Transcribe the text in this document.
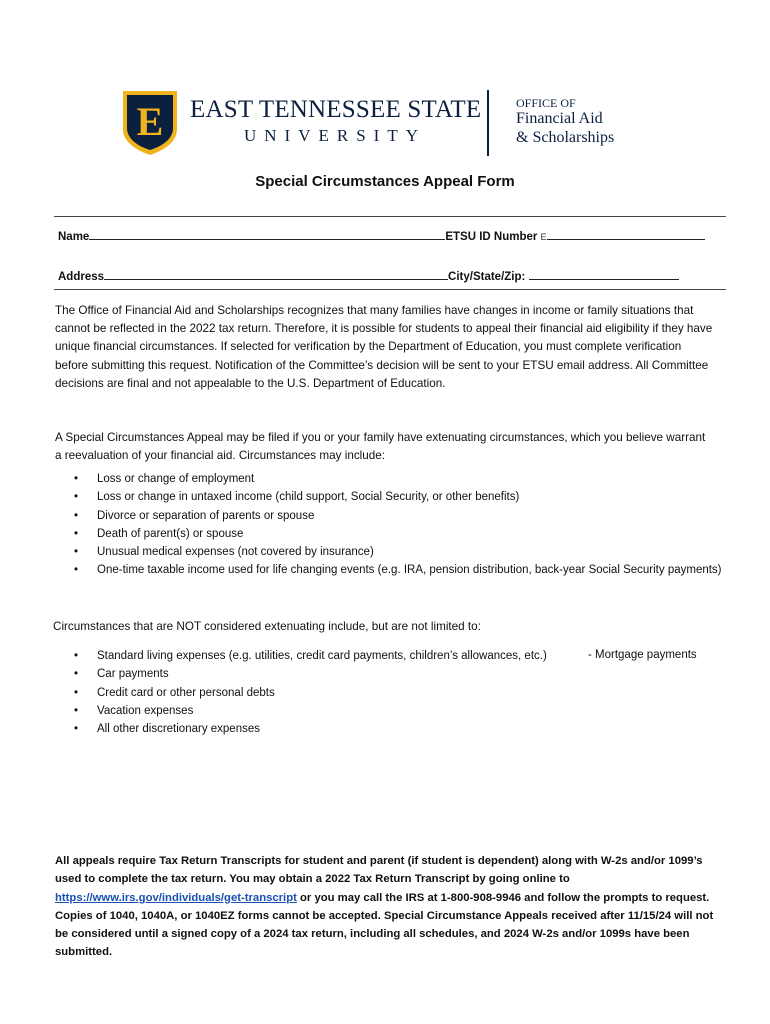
E EAST TENNESSEE STATE
UNIVERSITY
OFFICE OF
Financial Aid
& Scholarships
Special Circumstances Appeal Form
Name	ETSU ID Number E
Address	City/State/Zip:
The Office of Financial Aid and Scholarships recognizes that many families have changes in income or family situations that cannot be reflected in the 2022 tax return. Therefore, it is possible for students to appeal their financial aid eligibility if they have unique financial circumstances. If selected for verification by the Department of Education, you must complete verification before submitting this request. Notification of the Committee’s decision will be sent to your ETSU email address. All Committee decisions are final and not appealable to the U.S. Department of Education.
A Special Circumstances Appeal may be filed if you or your family have extenuating circumstances, which you believe warrant a reevaluation of your financial aid. Circumstances may include:
• Loss or change of employment
• Loss or change in untaxed income (child support, Social Security, or other benefits)
• Divorce or separation of parents or spouse
• Death of parent(s) or spouse
• Unusual medical expenses (not covered by insurance)
• One-time taxable income used for life changing events (e.g. IRA, pension distribution, back-year Social Security payments)
Circumstances that are NOT considered extenuating include, but are not limited to:
• Standard living expenses (e.g. utilities, credit card payments, children’s allowances, etc.)
• Car payments
• Credit card or other personal debts
• Vacation expenses
• All other discretionary expenses
- Mortgage payments
All appeals require Tax Return Transcripts for student and parent (if student is dependent) along with W-2s and/or 1099’s used to complete the tax return. You may obtain a 2022 Tax Return Transcript by going online to https://www.irs.gov/individuals/get-transcript or you may call the IRS at 1-800-908-9946 and follow the prompts to request. Copies of 1040, 1040A, or 1040EZ forms cannot be accepted. Special Circumstance Appeals received after 11/15/24 will not be considered until a signed copy of a 2024 tax return, including all schedules, and 2024 W-2s and/or 1099s have been submitted.
